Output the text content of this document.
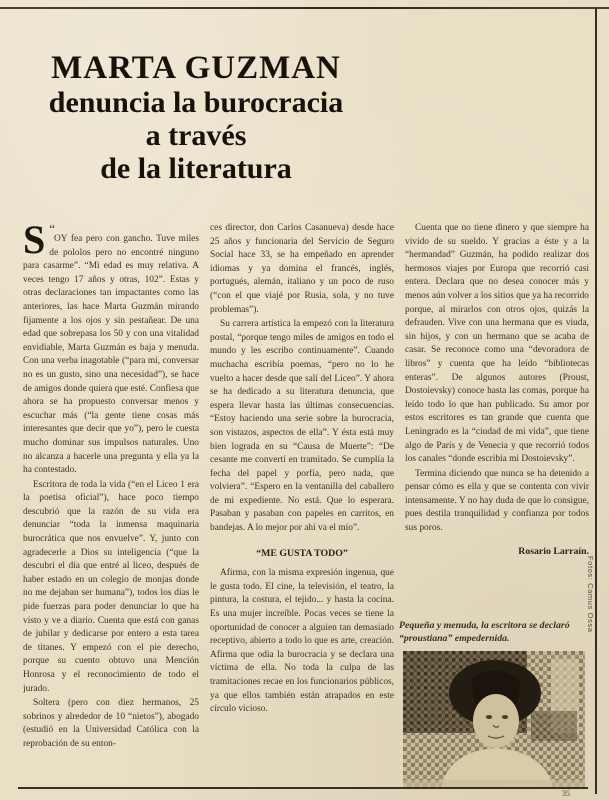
MARTA GUZMAN
denuncia la burocracia
a través
de la literatura

“
S OY fea pero con gancho. Tuve miles de pololos pero no encontré ninguno para casarme”. “Mi edad es muy relativa. A veces tengo 17 años y otras, 102”. Estas y otras declaraciones tan impactantes como las anteriores, las hace Marta Guzmán mirando fijamente a los ojos y sin pestañear. De una edad que sobrepasa los 50 y con una vitalidad envidiable, Marta Guzmán es baja y menuda. Con una verba inagotable (“para mí, conversar no es un gusto, sino una necesidad”), se hace de amigos donde quiera que esté. Confiesa que ahora se ha propuesto conversar menos y escuchar más (“la gente tiene cosas más interesantes que decir que yo”), pero le cuesta mucho dominar sus impulsos naturales. Uno no alcanza a hacerle una pregunta y ella ya la ha contestado.

Escritora de toda la vida (“en el Liceo 1 era la poetisa oficial”), hace poco tiempo descubrió que la razón de su vida era denunciar “toda la inmensa maquinaria burocrática que nos envuelve”. Y, junto con agradecerle a Dios su inteligencia (“que la descubrí el día que entré al liceo, después de haber estado en un colegio de monjas donde no me dejaban ser humana”), todos los días le pide fuerzas para poder denunciar lo que ha visto y ve a diario. Cuenta que está con ganas de jubilar y dedicarse por entero a esta tarea de titanes. Y empezó con el pie derecho, porque su cuento obtuvo una Mención Honrosa y el reconocimiento de todo el jurado.

Soltera (pero con diez hermanos, 25 sobrinos y alrededor de 10 “nietos”), abogado (estudió en la Universidad Católica con la reprobación de su enton-

ces director, don Carlos Casanueva) desde hace 25 años y funcionaria del Servicio de Seguro Social hace 33, se ha empeñado en aprender idiomas y ya domina el francés, inglés, portugués, alemán, italiano y un poco de ruso (“con el que viajé por Rusia, sola, y no tuve problemas”).

Su carrera artística la empezó con la literatura postal, “porque tengo miles de amigos en todo el mundo y les escribo continuamente”. Cuando muchacha escribía poemas, “pero no lo he vuelto a hacer desde que salí del Liceo”. Y ahora se ha dedicado a su literatura denuncia, que espera llevar hasta las últimas consecuencias. “Estoy haciendo una serie sobre la burocracia, son vistazos, aspectos de ella”. Y ésta está muy bien lograda en su “Causa de Muerte”: “De cesante me convertí en tramitado. Se cumplía la fecha del papel y porfía, pero nada, que volviera”. “Espero en la ventanilla del caballero de mi expediente. No está. Que lo esperara. Pasaban y pasaban con papeles en carritos, en bandejas. A lo mejor por ahí va el mío”.

“ME GUSTA TODO”

Afirma, con la misma expresión ingenua, que le gusta todo. El cine, la televisión, el teatro, la pintura, la costura, el tejido... y hasta la cocina. Es una mujer increíble. Pocas veces se tiene la oportunidad de conocer a alguien tan demasiado receptivo, abierto a todo lo que es arte, creación. Afirma que odia la burocracia y se declara una víctima de ella. No toda la culpa de las tramitaciones recae en los funcionarios públicos, ya que ellos también están atrapados en este círculo vicioso.

Cuenta que no tiene dinero y que siempre ha vivido de su sueldo. Y gracias a éste y a la “hermandad” Guzmán, ha podido realizar dos hermosos viajes por Europa que recorrió casi entera. Declara que no desea conocer más y menos aún volver a los sitios que ya ha recorrido porque, al mirarlos con otros ojos, quizás la defrauden. Vive con una hermana que es viuda, sin hijos, y con un hermano que se acaba de casar. Se reconoce como una “devoradora de libros” y cuenta que ha leído “bibliotecas enteras”. De algunos autores (Proust, Dostoievsky) conoce hasta las comas, porque ha leído todo lo que han publicado. Su amor por estos escritores es tan grande que cuenta que Leningrado es la “ciudad de mi vida”, que tiene algo de París y de Venecia y que recorrió todos los canales “donde escribía mi Dostoievsky”.

Termina diciendo que nunca se ha detenido a pensar cómo es ella y que se contenta con vivir intensamente. Y no hay duda de que lo consigue, pues destila tranquilidad y confianza por todos sus poros.

Rosario Larraín.
Pequeña y menuda, la escritora se declaró “proustiana” empedernida.
Fotos: Camus Ossa
35
